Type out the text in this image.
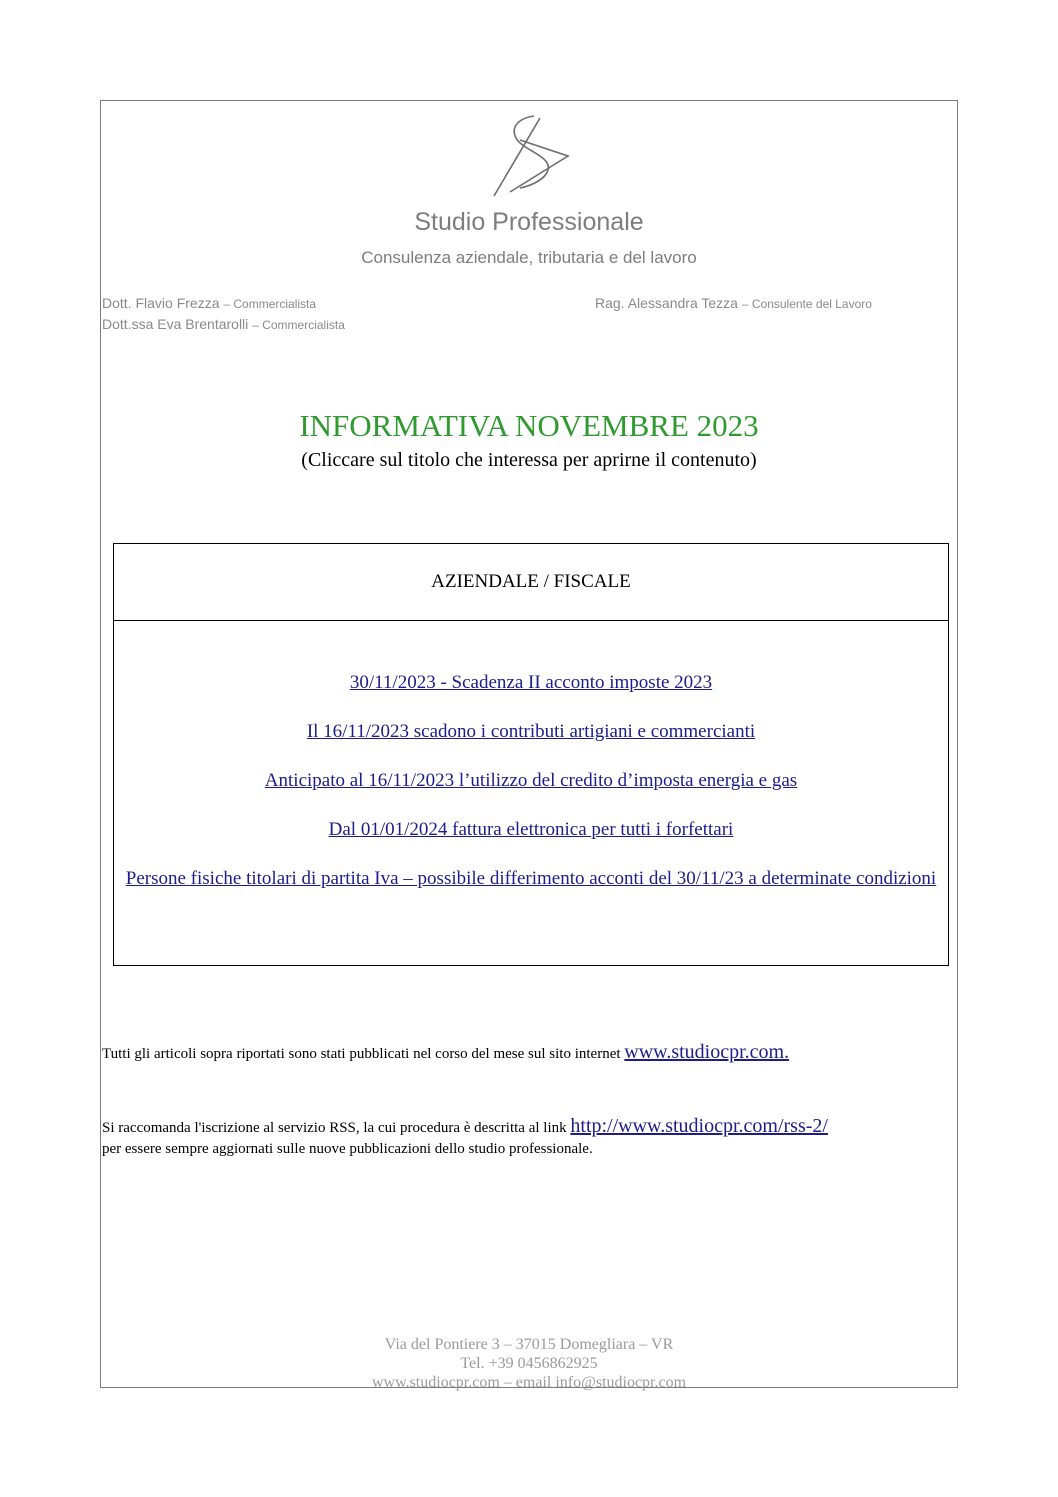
Studio Professionale
Consulenza aziendale, tributaria e del lavoro
Dott. Flavio Frezza – Commercialista
Dott.ssa Eva Brentarolli – Commercialista
Rag. Alessandra Tezza – Consulente del Lavoro
INFORMATIVA NOVEMBRE 2023
(Cliccare sul titolo che interessa per aprirne il contenuto)
AZIENDALE / FISCALE
30/11/2023 - Scadenza II acconto imposte 2023
Il 16/11/2023 scadono i contributi artigiani e commercianti
Anticipato al 16/11/2023 l’utilizzo del credito d’imposta energia e gas
Dal 01/01/2024 fattura elettronica per tutti i forfettari
Persone fisiche titolari di partita Iva – possibile differimento acconti del 30/11/23 a determinate condizioni
Tutti gli articoli sopra riportati sono stati pubblicati nel corso del mese sul sito internet www.studiocpr.com.
Si raccomanda l'iscrizione al servizio RSS, la cui procedura è descritta al link http://www.studiocpr.com/rss-2/
per essere sempre aggiornati sulle nuove pubblicazioni dello studio professionale.
Via del Pontiere 3 – 37015 Domegliara – VR
Tel. +39 0456862925
www.studiocpr.com – email info@studiocpr.com
